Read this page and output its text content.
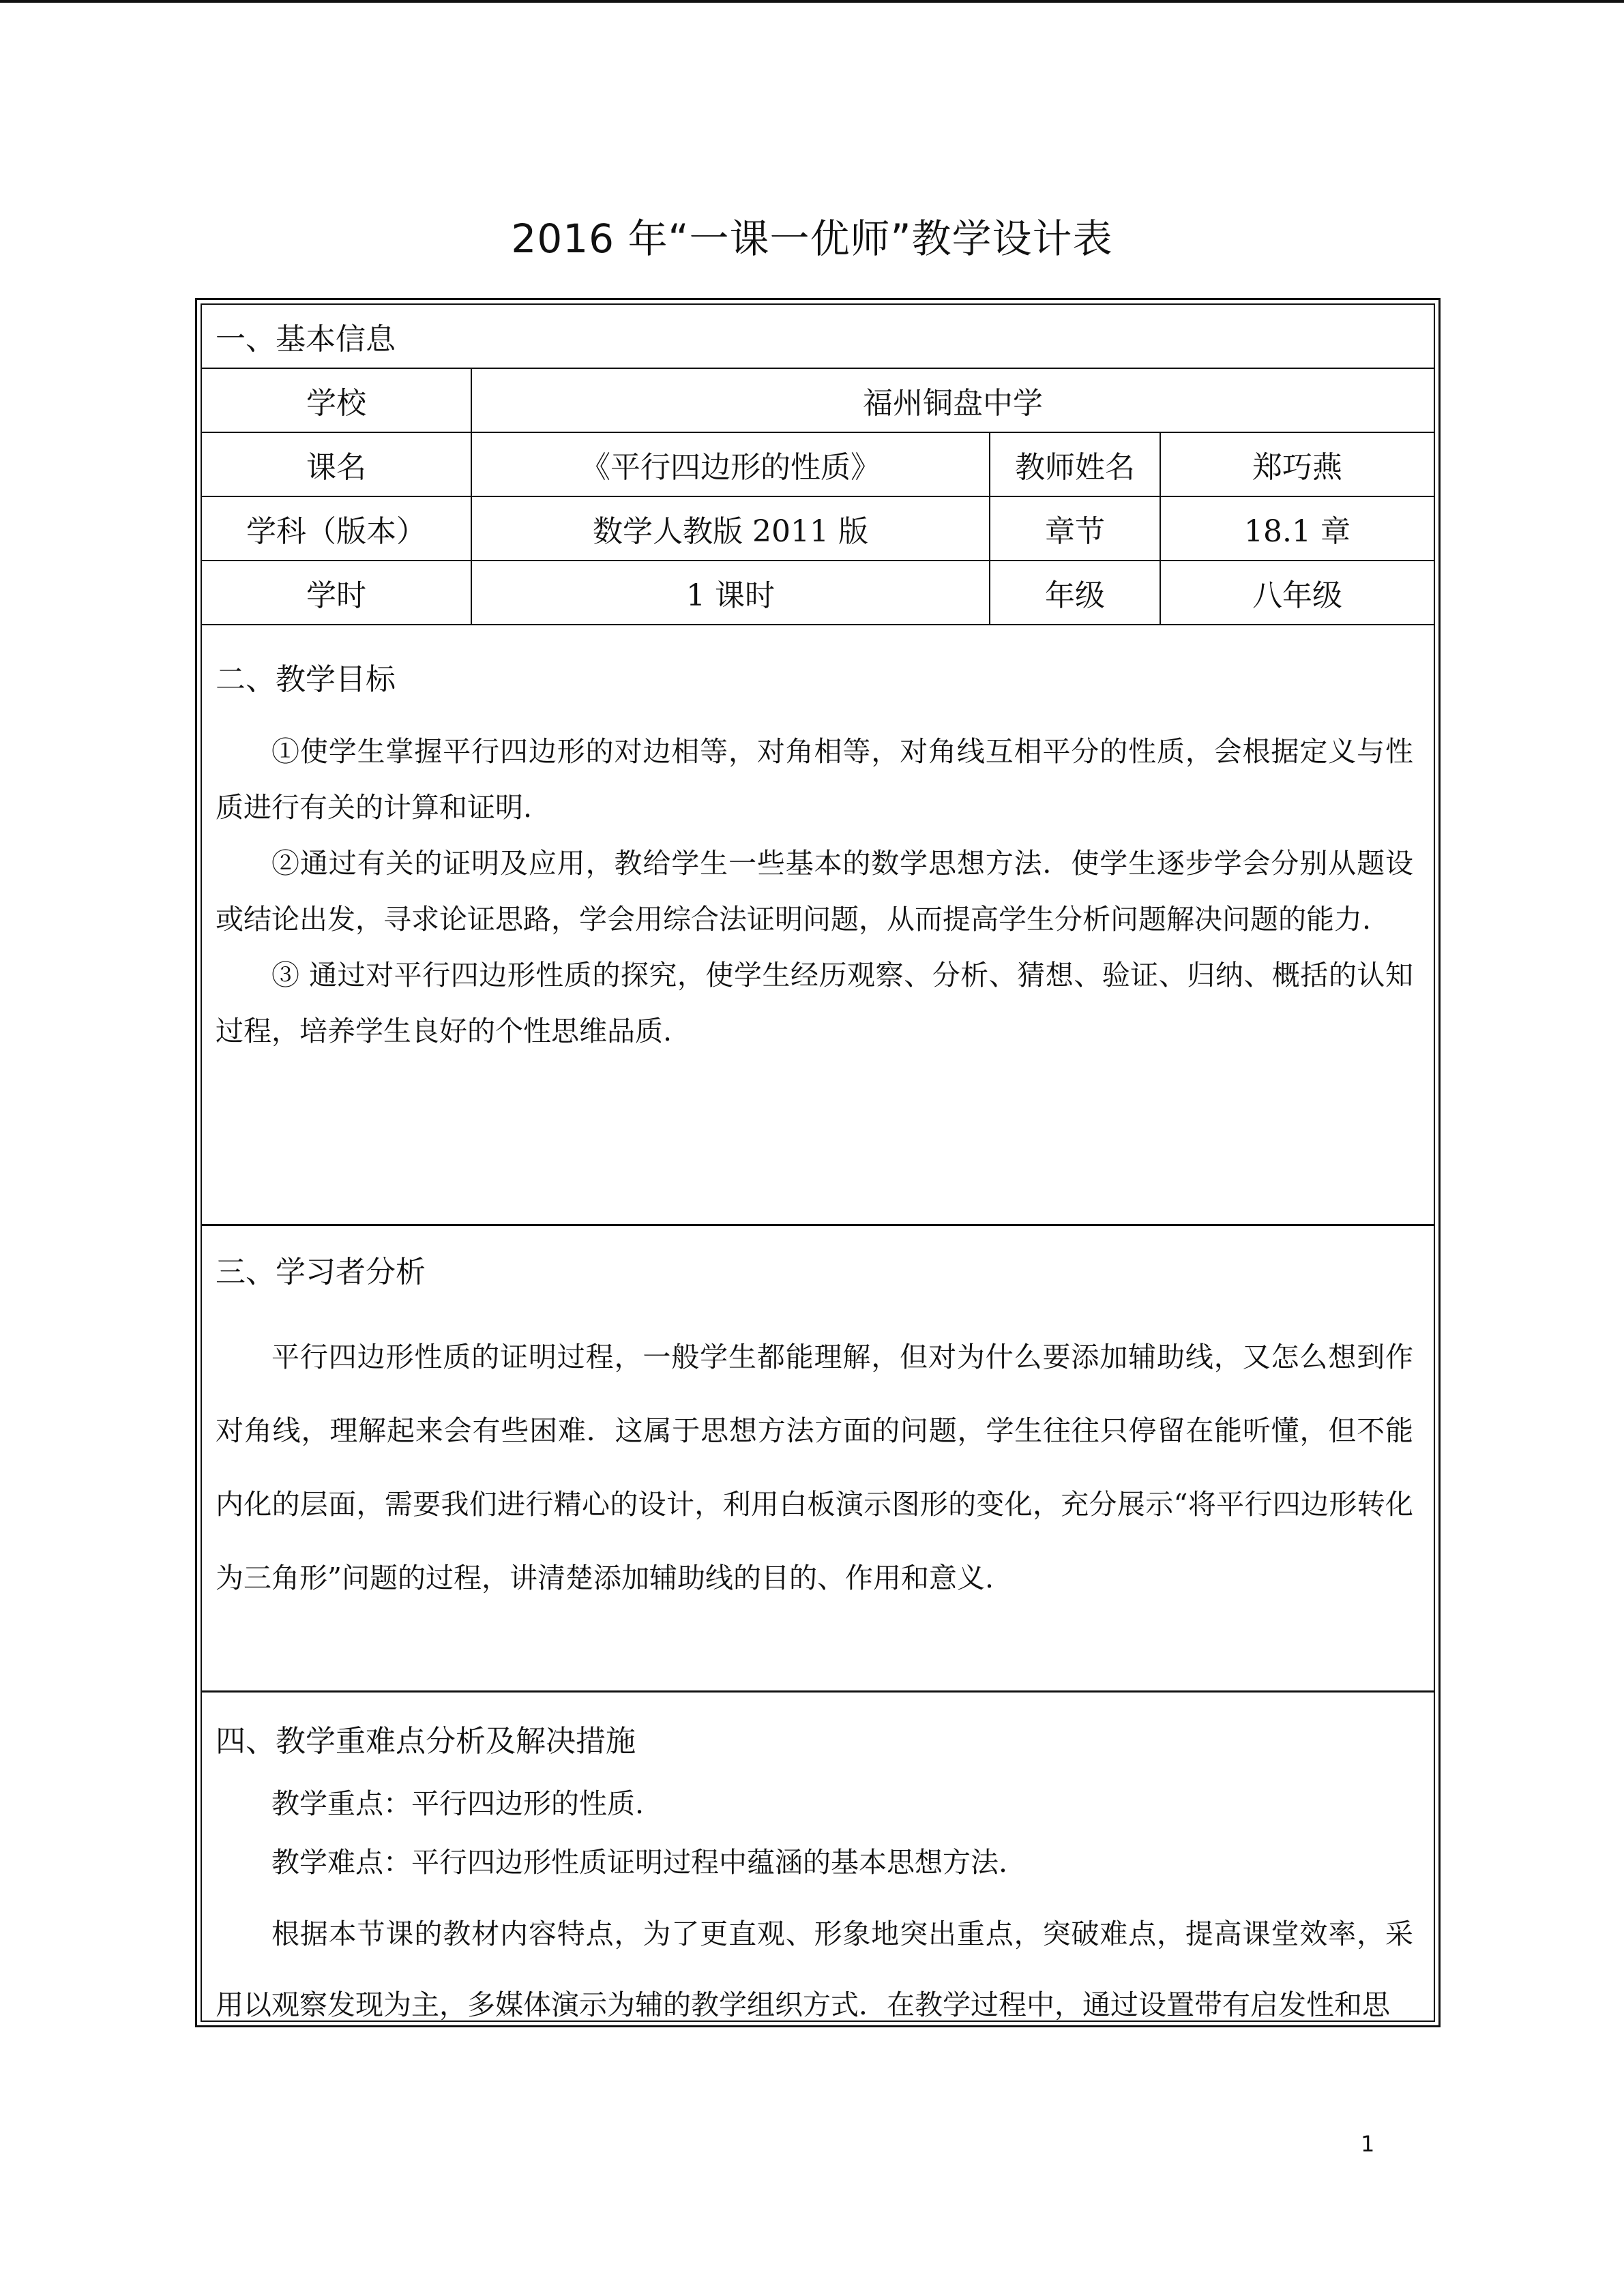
2016 年“一课一优师”教学设计表
一、基本信息			
学校	福州铜盘中学		
课名	《平行四边形的性质》	教师姓名	郑巧燕
学科（版本）	数学人教版 2011 版	章节	18.1 章
学时	1 课时	年级	八年级

二、教学目标

①使学生掌握平行四边形的对边相等，对角相等，对角线互相平分的性质，会根据定义与性质进行有关的计算和证明.

②通过有关的证明及应用，教给学生一些基本的数学思想方法．使学生逐步学会分别从题设或结论出发，寻求论证思路，学会用综合法证明问题，从而提高学生分析问题解决问题的能力.

③ 通过对平行四边形性质的探究，使学生经历观察、分析、猜想、验证、归纳、概括的认知过程，培养学生良好的个性思维品质.

三、学习者分析

平行四边形性质的证明过程，一般学生都能理解，但对为什么要添加辅助线，又怎么想到作对角线，理解起来会有些困难．这属于思想方法方面的问题，学生往往只停留在能听懂，但不能内化的层面，需要我们进行精心的设计，利用白板演示图形的变化，充分展示“将平行四边形转化为三角形”问题的过程，讲清楚添加辅助线的目的、作用和意义.

四、教学重难点分析及解决措施

教学重点：平行四边形的性质.

教学难点：平行四边形性质证明过程中蕴涵的基本思想方法.

根据本节课的教材内容特点，为了更直观、形象地突出重点，突破难点，提高课堂效率，采用以观察发现为主，多媒体演示为辅的教学组织方式．在教学过程中，通过设置带有启发性和思

1
